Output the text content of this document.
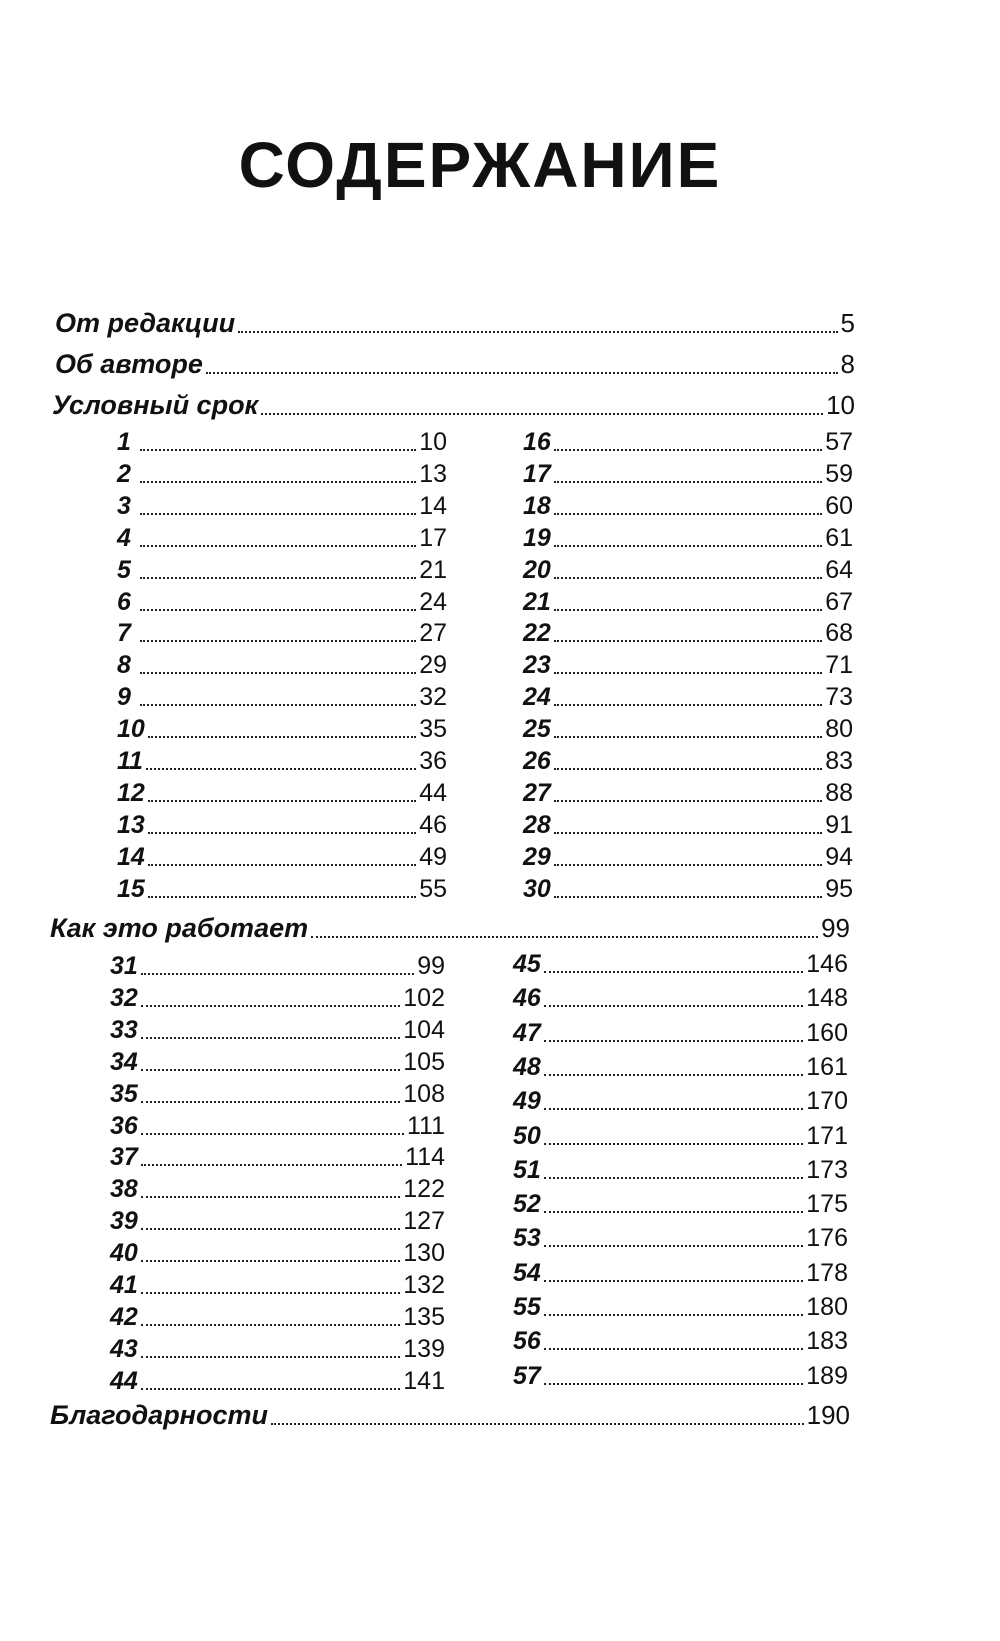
СОДЕРЖАНИЕ
От редакции	5
Об авторе	8
Условный срок	10
1	10
2	13
3	14
4	17
5	21
6	24
7	27
8	29
9	32
10	35
11	36
12	44
13	46
14	49
15	55
16	57
17	59
18	60
19	61
20	64
21	67
22	68
23	71
24	73
25	80
26	83
27	88
28	91
29	94
30	95
Как это работает	99
31	99
32	102
33	104
34	105
35	108
36	111
37	114
38	122
39	127
40	130
41	132
42	135
43	139
44	141
45	146
46	148
47	160
48	161
49	170
50	171
51	173
52	175
53	176
54	178
55	180
56	183
57	189
Благодарности	190
